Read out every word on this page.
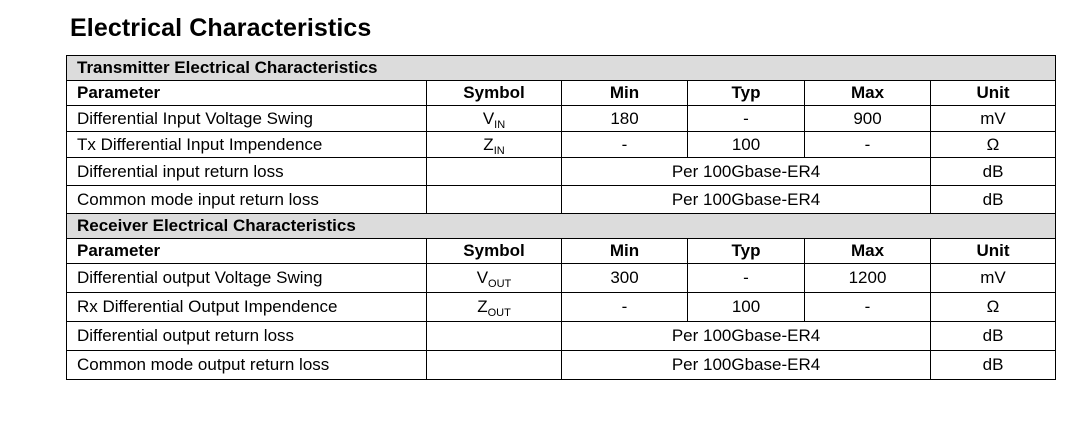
Electrical Characteristics
Transmitter Electrical Characteristics					
Parameter	Symbol	Min	Typ	Max	Unit
Differential Input Voltage Swing	$V_{IN}$	180	-	900	mV
Tx Differential Input Impendence	$Z_{IN}$	-	100	-	Ω
Differential input return loss		Per 100Gbase-ER4			dB
Common mode input return loss		Per 100Gbase-ER4			dB
Receiver Electrical Characteristics					
Parameter	Symbol	Min	Typ	Max	Unit
Differential output Voltage Swing	$V_{OUT}$	300	-	1200	mV
Rx Differential Output Impendence	$Z_{OUT}$	-	100	-	Ω
Differential output return loss		Per 100Gbase-ER4			dB
Common mode output return loss		Per 100Gbase-ER4			dB
